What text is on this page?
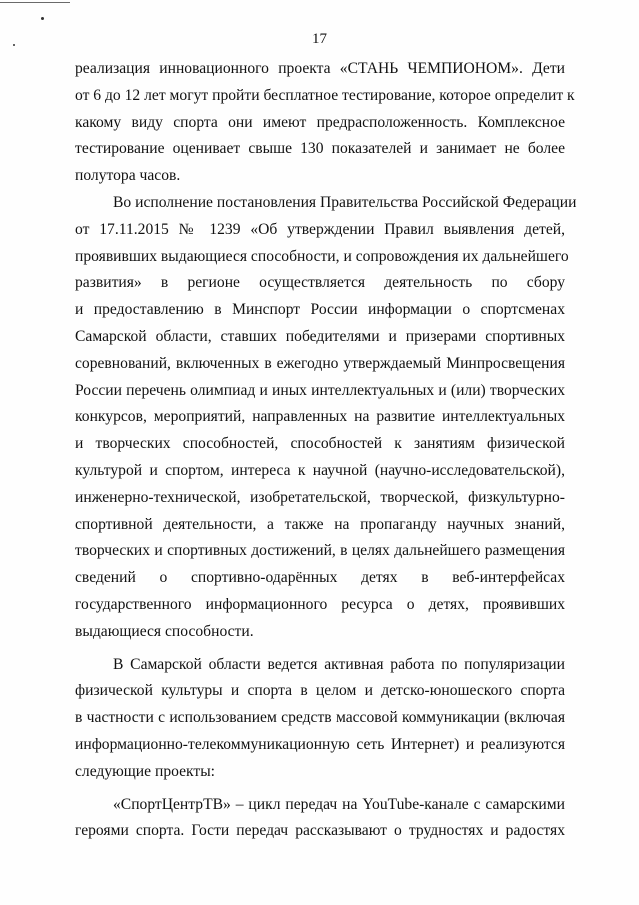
17
реализация инновационного проекта «СТАНЬ ЧЕМПИОНОМ». Дети
от 6 до 12 лет могут пройти бесплатное тестирование, которое определит к
какому виду спорта они имеют предрасположенность. Комплексное
тестирование оценивает свыше 130 показателей и занимает не более
полутора часов.
Во исполнение постановления Правительства Российской Федерации
от 17.11.2015 № 1239 «Об утверждении Правил выявления детей,
проявивших выдающиеся способности, и сопровождения их дальнейшего
развития» в регионе осуществляется деятельность по сбору
и предоставлению в Минспорт России информации о спортсменах
Самарской области, ставших победителями и призерами спортивных
соревнований, включенных в ежегодно утверждаемый Минпросвещения
России перечень олимпиад и иных интеллектуальных и (или) творческих
конкурсов, мероприятий, направленных на развитие интеллектуальных
и творческих способностей, способностей к занятиям физической
культурой и спортом, интереса к научной (научно-исследовательской),
инженерно-технической, изобретательской, творческой, физкультурно-
спортивной деятельности, а также на пропаганду научных знаний,
творческих и спортивных достижений, в целях дальнейшего размещения
сведений о спортивно-одарённых детях в веб-интерфейсах
государственного информационного ресурса о детях, проявивших
выдающиеся способности.
В Самарской области ведется активная работа по популяризации
физической культуры и спорта в целом и детско-юношеского спорта
в частности с использованием средств массовой коммуникации (включая
информационно-телекоммуникационную сеть Интернет) и реализуются
следующие проекты:
«СпортЦентрТВ» – цикл передач на YouTube-канале с самарскими
героями спорта. Гости передач рассказывают о трудностях и радостях
